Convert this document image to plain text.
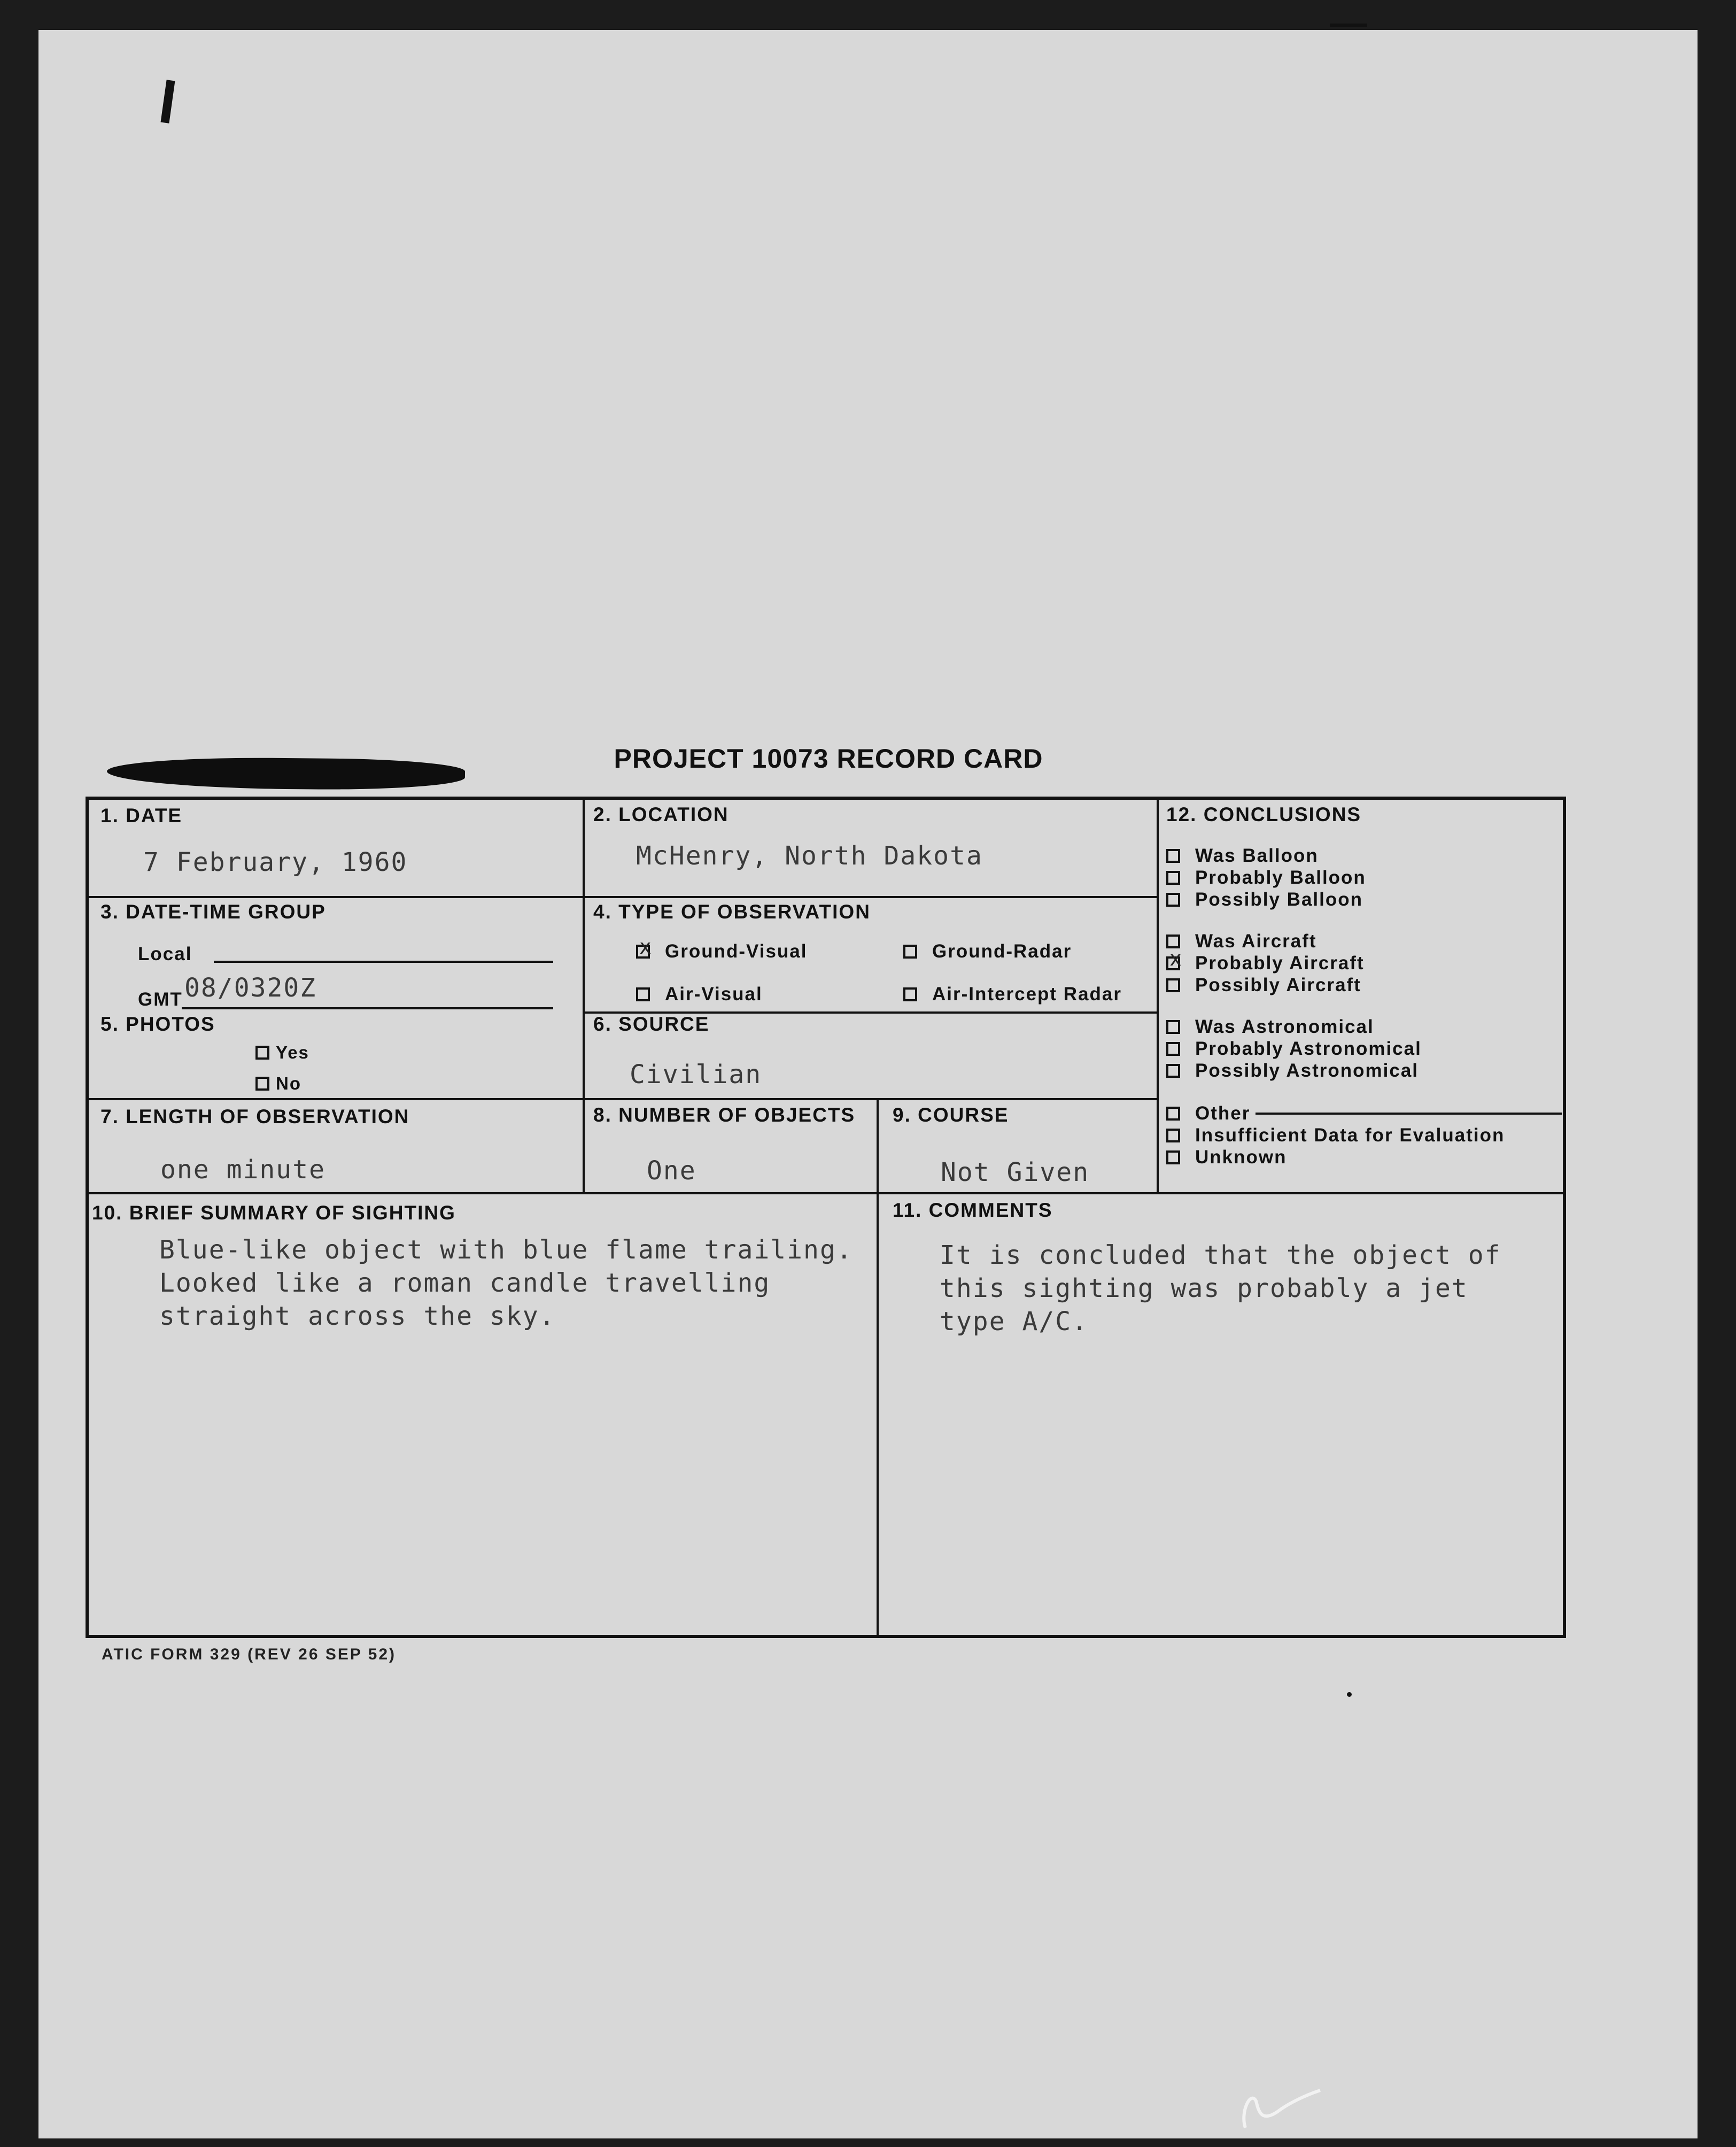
PROJECT 10073 RECORD CARD
1. DATE
7 February, 1960
2. LOCATION
McHenry, North Dakota
3. DATE-TIME GROUP
Local
GMT 08/0320Z
4. TYPE OF OBSERVATION
x
Ground-Visual	Ground-Radar
Air-Visual	Air-Intercept Radar
5. PHOTOS
Yes
No
6. SOURCE
Civilian
7. LENGTH OF OBSERVATION
one minute
8. NUMBER OF OBJECTS
One
9. COURSE
Not Given
10. BRIEF SUMMARY OF SIGHTING
Blue-like object with blue flame trailing.
Looked like a roman candle travelling
straight across the sky.
11. COMMENTS
It is concluded that the object of
this sighting was probably a jet
type A/C.
12. CONCLUSIONS
Was Balloon
Probably Balloon
Possibly Balloon
Was Aircraft
x
Probably Aircraft
Possibly Aircraft
Was Astronomical
Probably Astronomical
Possibly Astronomical
Other
Insufficient Data for Evaluation
Unknown
ATIC FORM 329 (REV 26 SEP 52)
